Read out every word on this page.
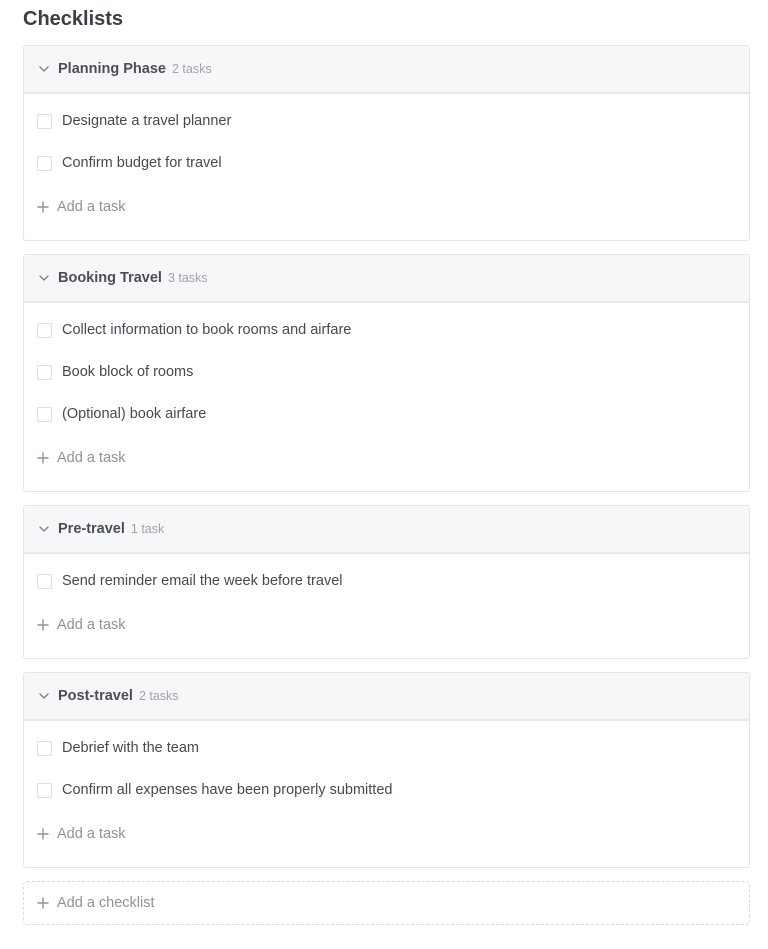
Checklists
Planning Phase 2 tasks
Designate a travel planner
Confirm budget for travel
Add a task
Booking Travel 3 tasks
Collect information to book rooms and airfare
Book block of rooms
(Optional) book airfare
Add a task
Pre-travel 1 task
Send reminder email the week before travel
Add a task
Post-travel 2 tasks
Debrief with the team
Confirm all expenses have been properly submitted
Add a task
Add a checklist
